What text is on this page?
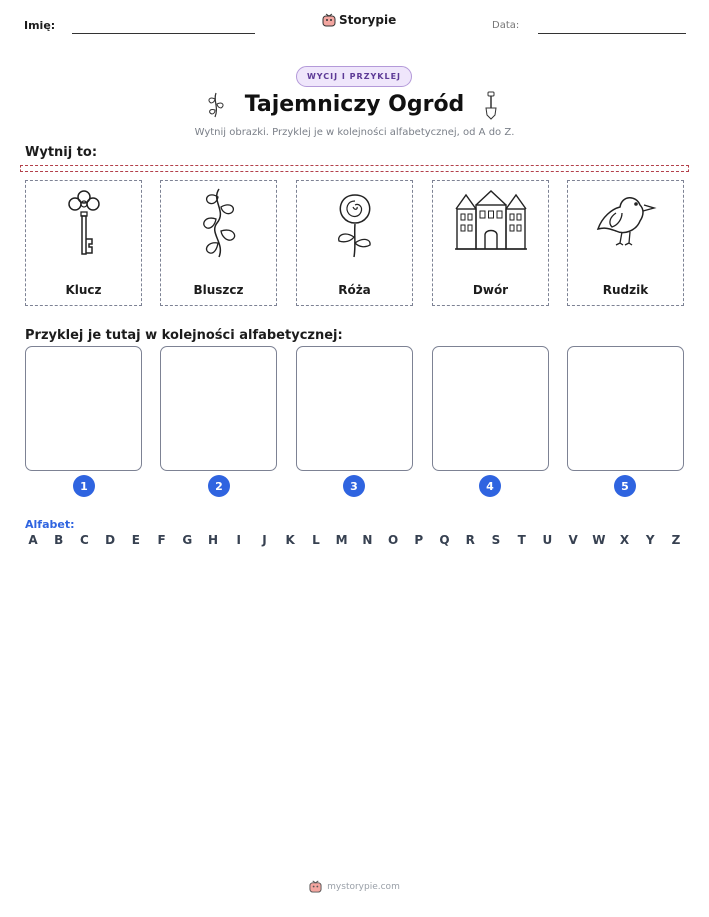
Imię:	Storypie	Data:
WYCIJ I PRZYKLEJ
Tajemniczy Ogród
Wytnij obrazki. Przyklej je w kolejności alfabetycznej, od A do Z.
Wytnij to:
Klucz	Bluszcz	Róża	Dwór	Rudzik
Przyklej je tutaj w kolejności alfabetycznej:
1	2	3	4	5
Alfabet:
A B C D	E	F	G H	I	J	K	L	M N O P	Q R	S	T	U V W X	Y	Z
mystorypie.com
